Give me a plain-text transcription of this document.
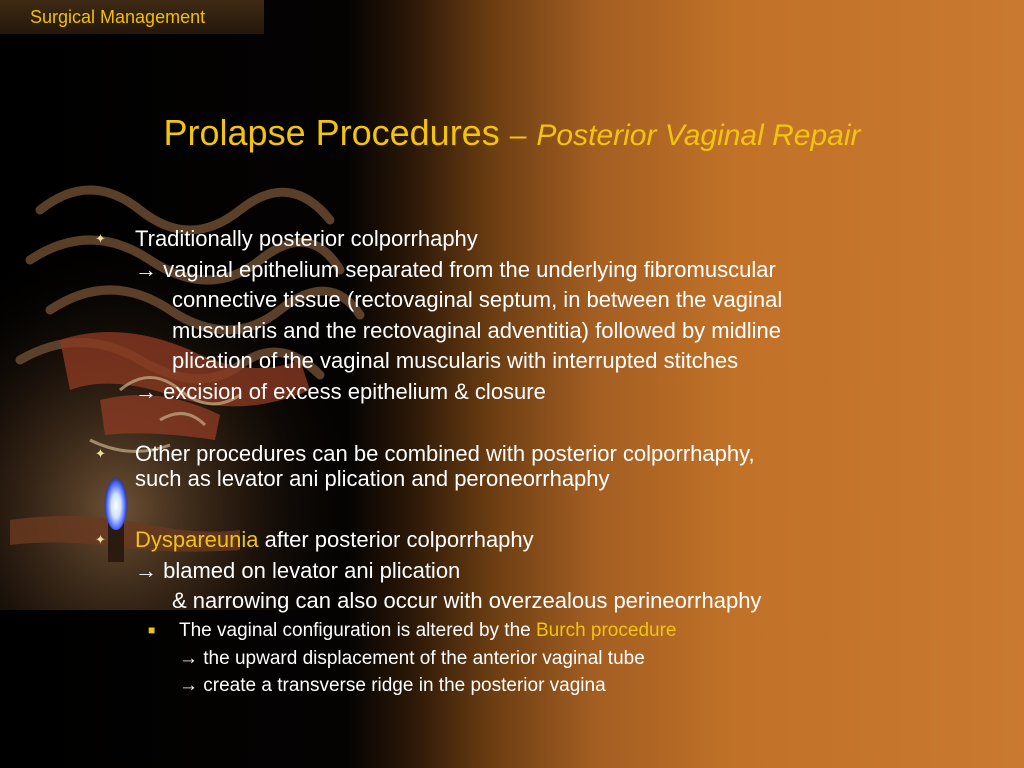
Surgical Management
Prolapse Procedures – Posterior Vaginal Repair
✦ Traditionally posterior colporrhaphy
→ vaginal epithelium separated from the underlying fibromuscular
connective tissue (rectovaginal septum, in between the vaginal
muscularis and the rectovaginal adventitia) followed by midline
plication of the vaginal muscularis with interrupted stitches
→ excision of excess epithelium & closure
✦ Other procedures can be combined with posterior colporrhaphy,
such as levator ani plication and peroneorrhaphy
✦ Dyspareunia after posterior colporrhaphy
→ blamed on levator ani plication
& narrowing can also occur with overzealous perineorrhaphy
■ The vaginal configuration is altered by the Burch procedure
→ the upward displacement of the anterior vaginal tube
→ create a transverse ridge in the posterior vagina
